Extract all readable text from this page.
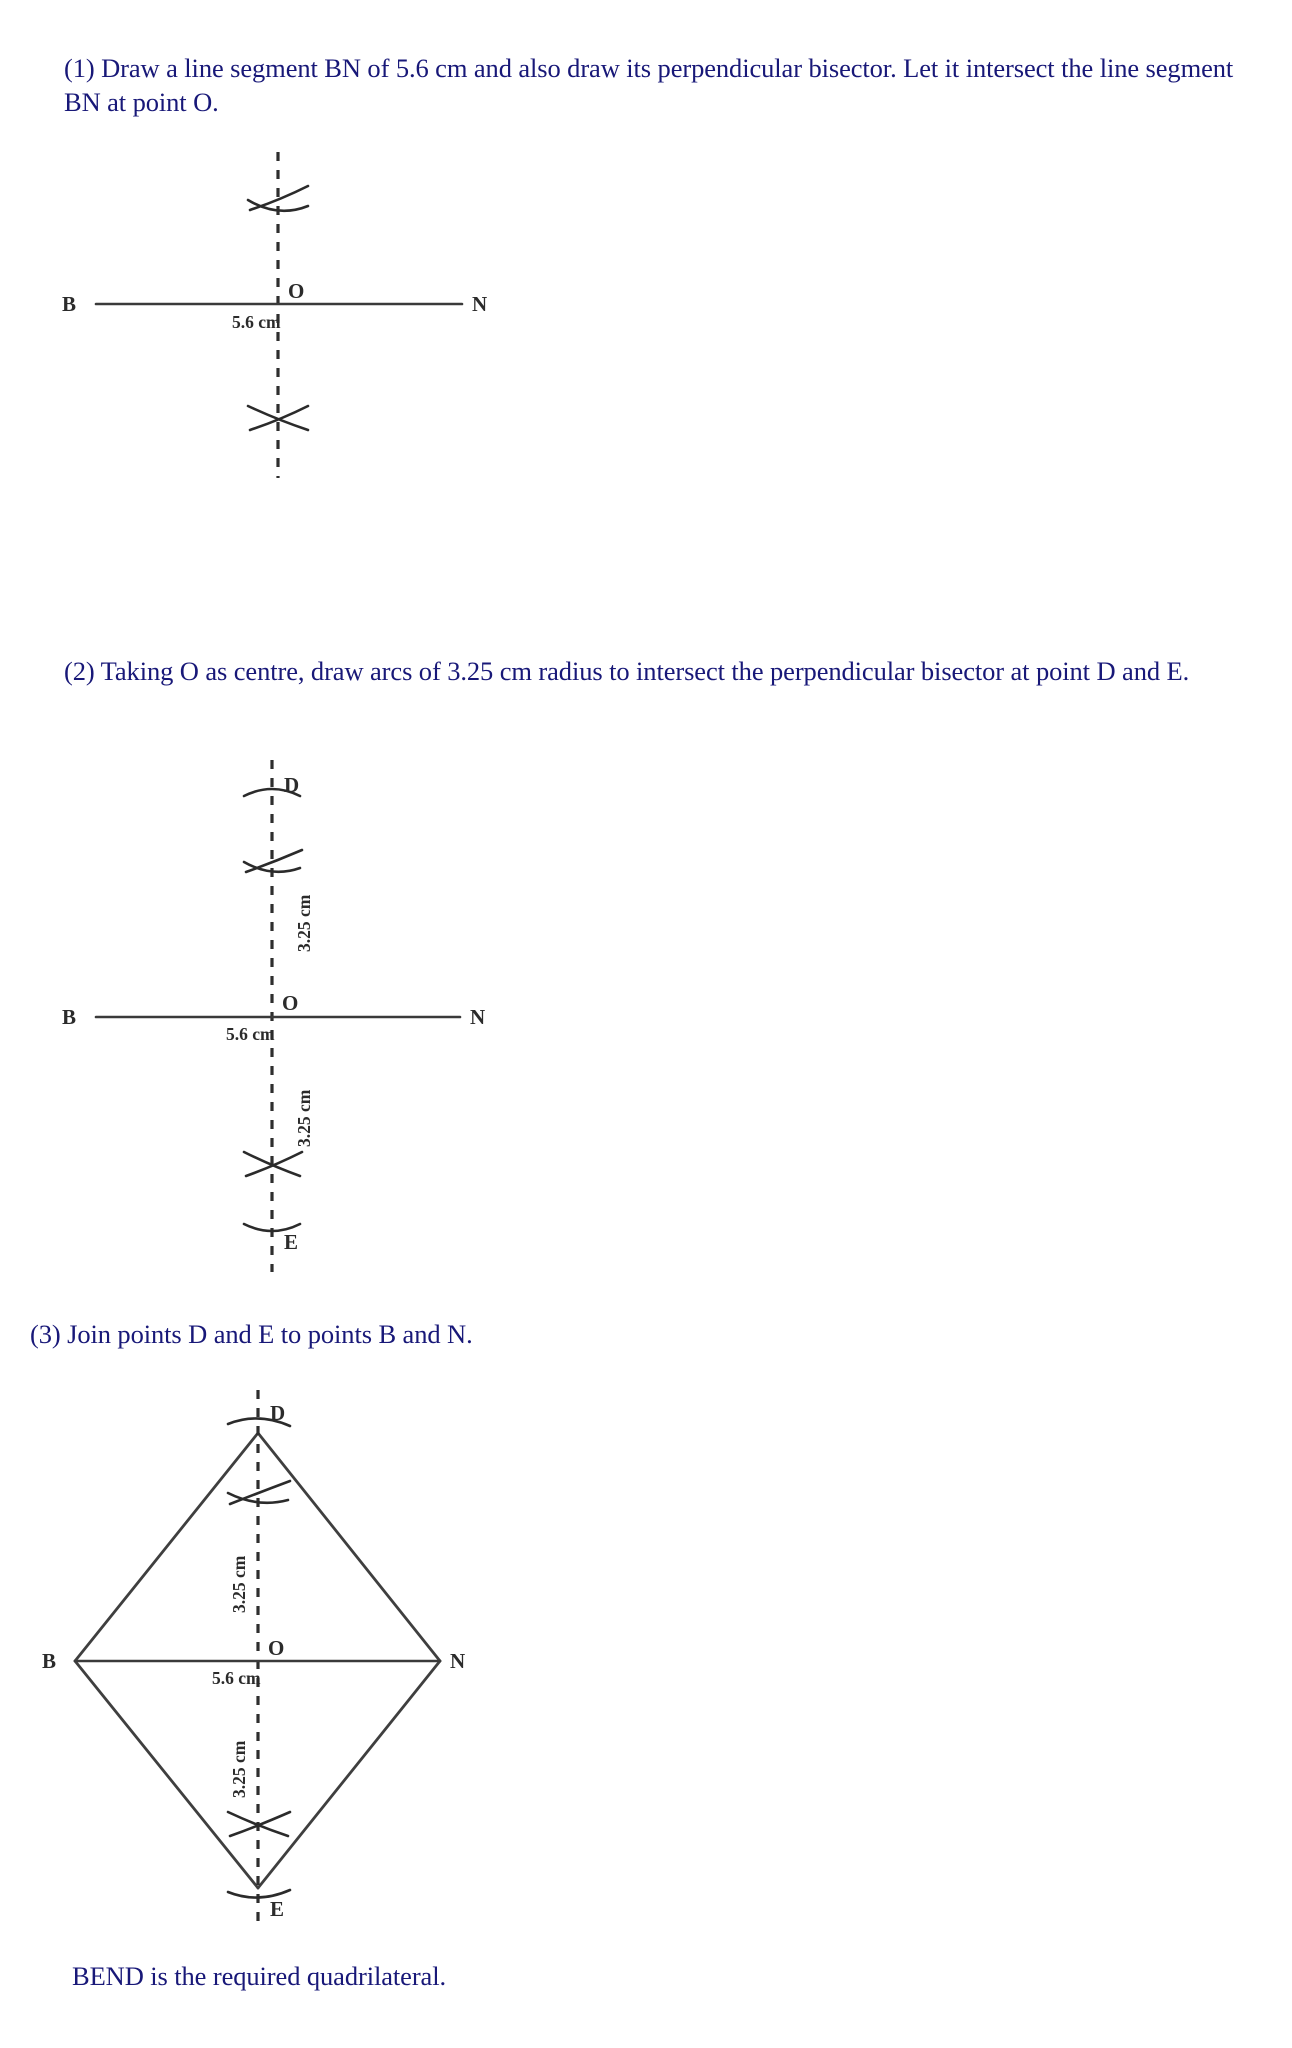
(1) Draw a line segment BN of 5.6 cm and also draw its perpendicular bisector. Let it intersect the line segment BN at point O.
B	N
O
5.6 cm
(2) Taking O as centre, draw arcs of 3.25 cm radius to intersect the perpendicular bisector at point D and E.
B	N
O
D
E
5.6 cm
3.25 cm
3.25 cm
(3) Join points D and E to points B and N.
B	N
O
D
E
5.6 cm
3.25 cm
3.25 cm
BEND is the required quadrilateral.
